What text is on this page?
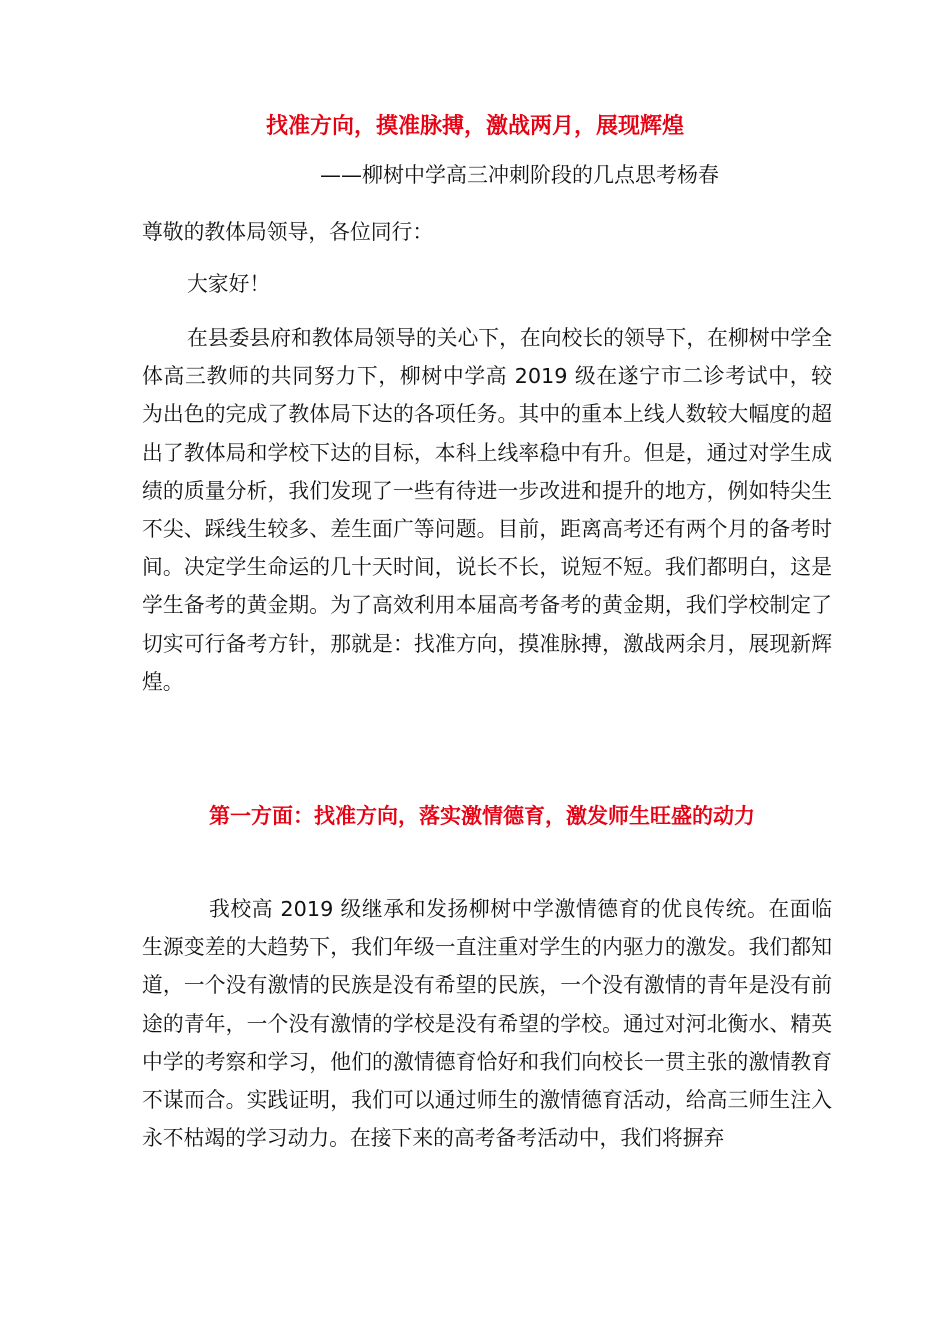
找准方向，摸准脉搏，激战两月，展现辉煌

——柳树中学高三冲刺阶段的几点思考杨春

尊敬的教体局领导，各位同行：

大家好！

在县委县府和教体局领导的关心下，在向校长的领导下，在柳树中学全体高三教师的共同努力下，柳树中学高 2019 级在遂宁市二诊考试中，较为出色的完成了教体局下达的各项任务。其中的重本上线人数较大幅度的超出了教体局和学校下达的目标，本科上线率稳中有升。但是，通过对学生成绩的质量分析，我们发现了一些有待进一步改进和提升的地方，例如特尖生不尖、踩线生较多、差生面广等问题。目前，距离高考还有两个月的备考时间。决定学生命运的几十天时间，说长不长，说短不短。我们都明白，这是学生备考的黄金期。为了高效利用本届高考备考的黄金期，我们学校制定了切实可行备考方针，那就是：找准方向，摸准脉搏，激战两余月，展现新辉煌。

第一方面：找准方向，落实激情德育，激发师生旺盛的动力

我校高 2019 级继承和发扬柳树中学激情德育的优良传统。在面临生源变差的大趋势下，我们年级一直注重对学生的内驱力的激发。我们都知道，一个没有激情的民族是没有希望的民族，一个没有激情的青年是没有前途的青年，一个没有激情的学校是没有希望的学校。通过对河北衡水、精英中学的考察和学习，他们的激情德育恰好和我们向校长一贯主张的激情教育不谋而合。实践证明，我们可以通过师生的激情德育活动，给高三师生注入永不枯竭的学习动力。在接下来的高考备考活动中，我们将摒弃
